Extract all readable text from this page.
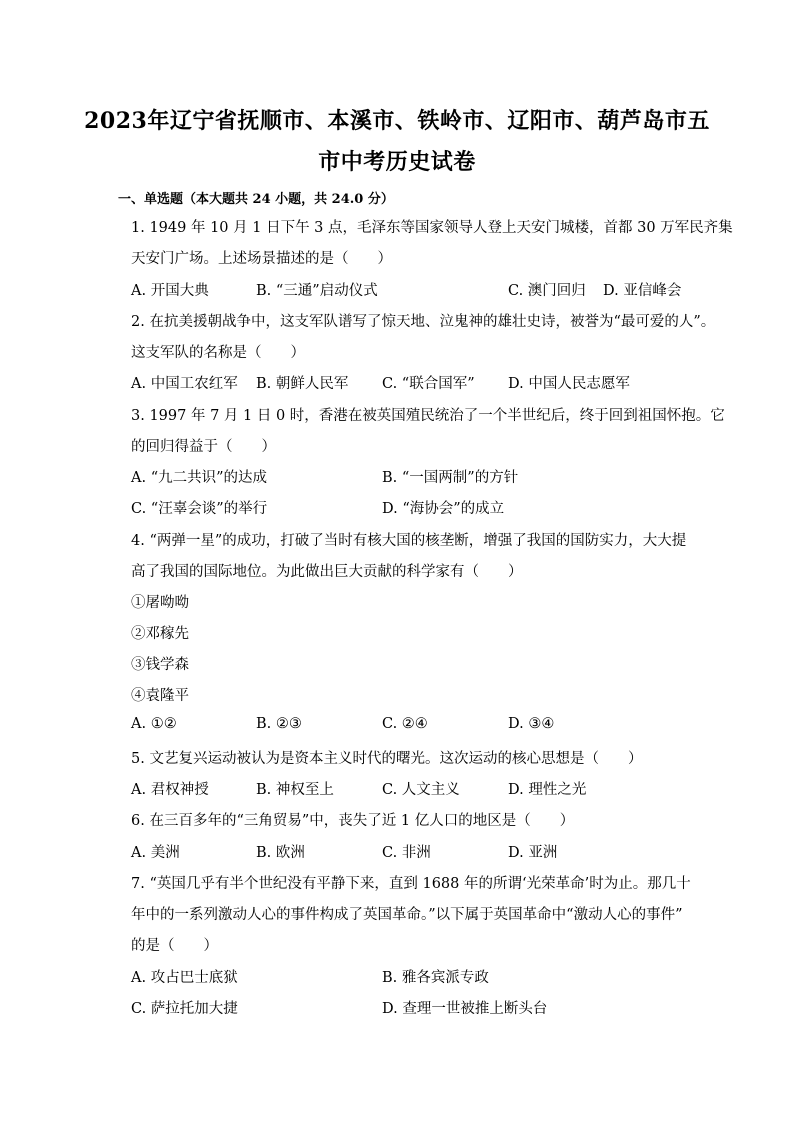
2023年辽宁省抚顺市、本溪市、铁岭市、辽阳市、葫芦岛市五
市中考历史试卷
一、单选题（本大题共 24 小题，共 24.0 分）
1. 1949 年 10 月 1 日下午 3 点，毛泽东等国家领导人登上天安门城楼，首都 30 万军民齐集
天安门广场。上述场景描述的是（　　）
A. 开国大典	B. “三通”启动仪式	C. 澳门回归 D. 亚信峰会
2. 在抗美援朝战争中，这支军队谱写了惊天地、泣鬼神的雄壮史诗，被誉为“最可爱的人”。
这支军队的名称是（　　）
A. 中国工农红军 B. 朝鲜人民军 C. “联合国军” D. 中国人民志愿军
3. 1997 年 7 月 1 日 0 时，香港在被英国殖民统治了一个半世纪后，终于回到祖国怀抱。它
的回归得益于（　　）
A. “九二共识”的达成	B. “一国两制”的方针
C. “汪辜会谈”的举行	D. “海协会”的成立
4. “两弹一星”的成功，打破了当时有核大国的核垄断，增强了我国的国防实力，大大提
高了我国的国际地位。为此做出巨大贡献的科学家有（　　）
①屠呦呦
②邓稼先
③钱学森
④袁隆平
A. ①②	B. ②③	C. ②④	D. ③④
5. 文艺复兴运动被认为是资本主义时代的曙光。这次运动的核心思想是（　　）
A. 君权神授	B. 神权至上	C. 人文主义	D. 理性之光
6. 在三百多年的“三角贸易”中，丧失了近 1 亿人口的地区是（　　）
A. 美洲	B. 欧洲	C. 非洲	D. 亚洲
7. “英国几乎有半个世纪没有平静下来，直到 1688 年的所谓‘光荣革命’时为止。那几十
年中的一系列激动人心的事件构成了英国革命。”以下属于英国革命中“激动人心的事件”
的是（　　）
A. 攻占巴士底狱	B. 雅各宾派专政
C. 萨拉托加大捷	D. 查理一世被推上断头台
